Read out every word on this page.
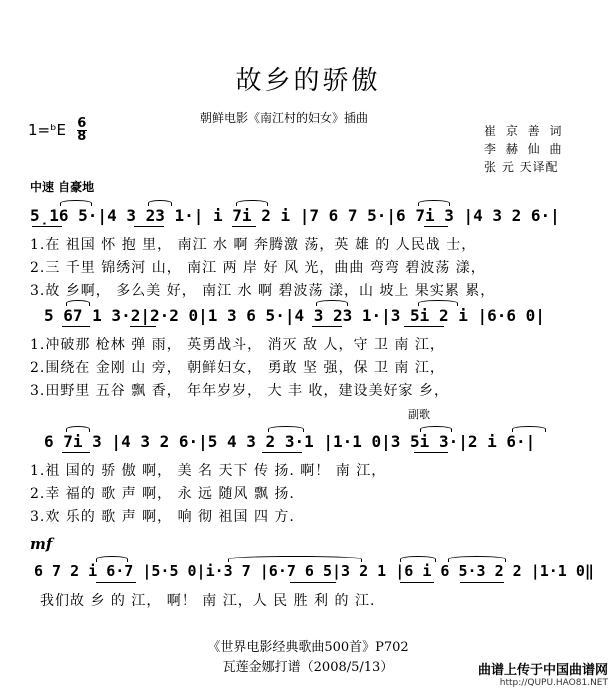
故乡的骄傲
朝鲜电影《南江村的妇女》插曲
1=ᵇE $\frac{6}{8}$	崔 京 善 词
李 赫 仙 曲
张 元 天译配
中速 自豪地
5̣16 5·|4 3 23 1·| i 7i 2 i |7 6 7 5·|6 7i 3 |4 3 2 6·|
1.在 祖国 怀 抱 里， 南江 水 啊 奔腾激 荡，英 雄 的 人民战 士，
2.三 千里 锦绣河 山， 南江 两 岸 好 风 光，曲曲 弯弯 碧波荡 漾，
3.故 乡啊， 多么美 好， 南江 水 啊 碧波荡 漾，山 坡上 果实累 累，
5 67 1 3·2|2·2 0|1 3 6 5·|4 3 23 1·|3 5i 2 i |6·6 0|
1.冲破那 枪林 弹 雨， 英勇战斗， 消灭 敌 人，守 卫 南 江，
2.围绕在 金刚 山 旁， 朝鲜妇女， 勇敢 坚 强，保 卫 南 江，
3.田野里 五谷 飘 香， 年年岁岁， 大 丰 收，建设美好家 乡，
副歌
6 7i 3 |4 3 2 6·|5 4 3 2 3·1 |1·1 0|3 5i 3·|2 i 6·|
1.祖 国的 骄 傲 啊， 美 名 天下 传 扬. 啊！ 南 江，
2.幸 福的 歌 声 啊， 永 远 随风 飘 扬.
3.欢 乐的 歌 声 啊， 响 彻 祖国 四 方.
mf
6 7 2 i 6·7 |5·5 0|i·3 7 |6·7 6 5|3 2 1 |6 i 6 5·3 2 2 |1·1 0‖
我们故 乡 的 江， 啊！ 南 江，人 民 胜 利 的 江.
《世界电影经典歌曲500首》P702
瓦莲金娜打谱（2008/5/13）	曲谱上传于中国曲谱网
http://QUPU.HAO81.NET
